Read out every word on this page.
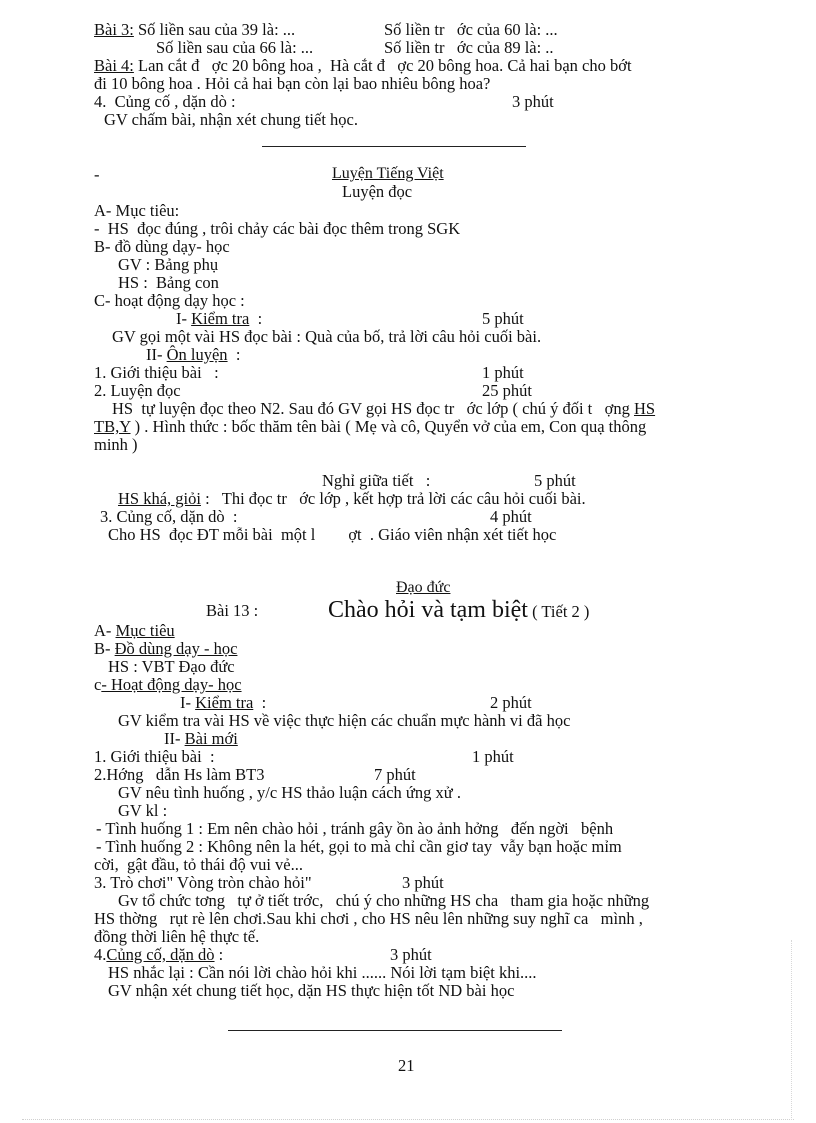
Bài 3: Số liền sau của 39 là: ...	Số liền tr   ớc của 60 là: ...
Số liền sau của 66 là: ...	Số liền tr   ớc của 89 là: ..
Bài 4: Lan cắt đ   ợc 20 bông hoa ,  Hà cắt đ   ợc 20 bông hoa. Cả hai bạn cho bớt
đi 10 bông hoa . Hỏi cả hai bạn còn lại bao nhiêu bông hoa?
4.  Củng cố , dặn dò :	3 phút
GV chấm bài, nhận xét chung tiết học.
-	Luyện Tiếng Việt
Luyện đọc
A- Mục tiêu:
-  HS  đọc đúng , trôi chảy các bài đọc thêm trong SGK
B- đồ dùng dạy- học
GV : Bảng phụ
HS :  Bảng con
C- hoạt động dạy học :
I- Kiểm tra  :	5 phút
GV gọi một vài HS đọc bài : Quà của bố, trả lời câu hỏi cuối bài.
II- Ôn luyện  :
1. Giới thiệu bài   :	1 phút
2. Luyện đọc	25 phút
HS  tự luyện đọc theo N2. Sau đó GV gọi HS đọc tr   ớc lớp ( chú ý đối t   ợng HS
TB,Y ) . Hình thức : bốc thăm tên bài ( Mẹ và cô, Quyển vở của em, Con quạ thông
minh )
Nghỉ giữa tiết   :	5 phút
HS khá, giỏi :   Thi đọc tr   ớc lớp , kết hợp trả lời các câu hỏi cuối bài.
3. Củng cố, dặn dò  :	4 phút
Cho HS  đọc ĐT mỗi bài  một l        ợt  . Giáo viên nhận xét tiết học
Đạo đức
Bài 13 :	Chào hỏi và tạm biệt ( Tiết 2 )
A- Mục tiêu
B- Đồ dùng dạy - học
HS : VBT Đạo đức
c- Hoạt động dạy- học
I- Kiểm tra  :	2 phút
GV kiểm tra vài HS về việc thực hiện các chuẩn mực hành vi đã học
II- Bài mới
1. Giới thiệu bài  :	1 phút
2.Hớng   dẫn Hs làm BT3	7 phút
GV nêu tình huống , y/c HS thảo luận cách ứng xử .
GV kl :
- Tình huống 1 : Em nên chào hỏi , tránh gây ồn ào ảnh hởng   đến ngời   bệnh
- Tình huống 2 : Không nên la hét, gọi to mà chỉ cần giơ tay  vẫy bạn hoặc mỉm
cời,  gật đầu, tỏ thái độ vui vẻ...
3. Trò chơi" Vòng tròn chào hỏi"	3 phút
Gv tổ chức tơng   tự ở tiết trớc,   chú ý cho những HS cha   tham gia hoặc những
HS thờng   rụt rè lên chơi.Sau khi chơi , cho HS nêu lên những suy nghĩ ca   mình ,
đồng thời liên hệ thực tế.
4.Củng cố, dặn dò :	3 phút
HS nhắc lại : Cần nói lời chào hỏi khi ...... Nói lời tạm biệt khi....
GV nhận xét chung tiết học, dặn HS thực hiện tốt ND bài học
21
